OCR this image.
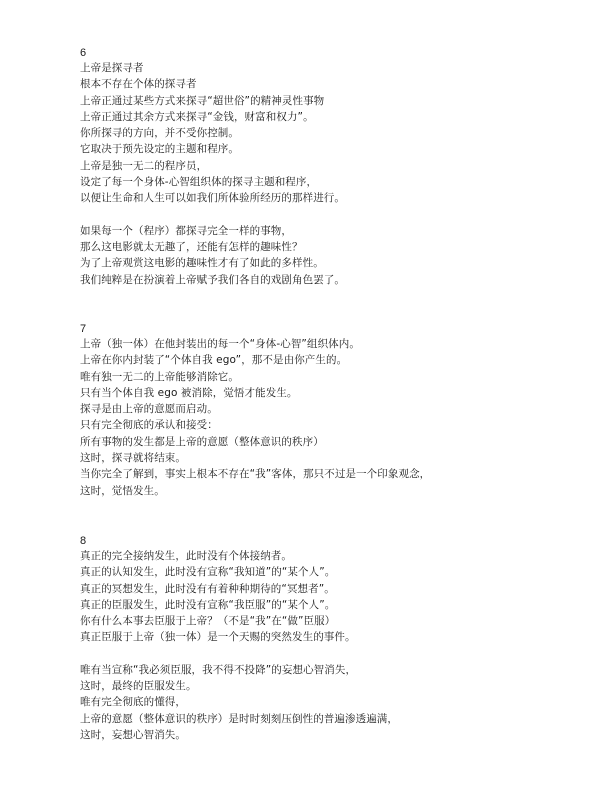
6
上帝是探寻者
根本不存在个体的探寻者
上帝正通过某些方式来探寻“超世俗”的精神灵性事物
上帝正通过其余方式来探寻“金钱，财富和权力”。
你所探寻的方向，并不受你控制。
它取决于预先设定的主题和程序。
上帝是独一无二的程序员，
设定了每一个身体-心智组织体的探寻主题和程序，
以便让生命和人生可以如我们所体验所经历的那样进行。
如果每一个（程序）都探寻完全一样的事物，
那么这电影就太无趣了，还能有怎样的趣味性？
为了上帝观赏这电影的趣味性才有了如此的多样性。
我们纯粹是在扮演着上帝赋予我们各自的戏剧角色罢了。
7
上帝（独一体）在他封装出的每一个“身体-心智”组织体内。
上帝在你内封装了“个体自我 ego”，那不是由你产生的。
唯有独一无二的上帝能够消除它。
只有当个体自我 ego 被消除，觉悟才能发生。
探寻是由上帝的意愿而启动。
只有完全彻底的承认和接受：
所有事物的发生都是上帝的意愿（整体意识的秩序）
这时，探寻就将结束。
当你完全了解到，事实上根本不存在“我”客体，那只不过是一个印象观念，
这时，觉悟发生。
8
真正的完全接纳发生，此时没有个体接纳者。
真正的认知发生，此时没有宣称“我知道”的“某个人”。
真正的冥想发生，此时没有有着种种期待的“冥想者”。
真正的臣服发生，此时没有宣称“我臣服”的“某个人”。
你有什么本事去臣服于上帝？（不是“我”在“做”臣服）
真正臣服于上帝（独一体）是一个天赐的突然发生的事件。
唯有当宣称“我必须臣服，我不得不投降”的妄想心智消失，
这时，最终的臣服发生。
唯有完全彻底的懂得，
上帝的意愿（整体意识的秩序）是时时刻刻压倒性的普遍渗透遍满，
这时，妄想心智消失。
